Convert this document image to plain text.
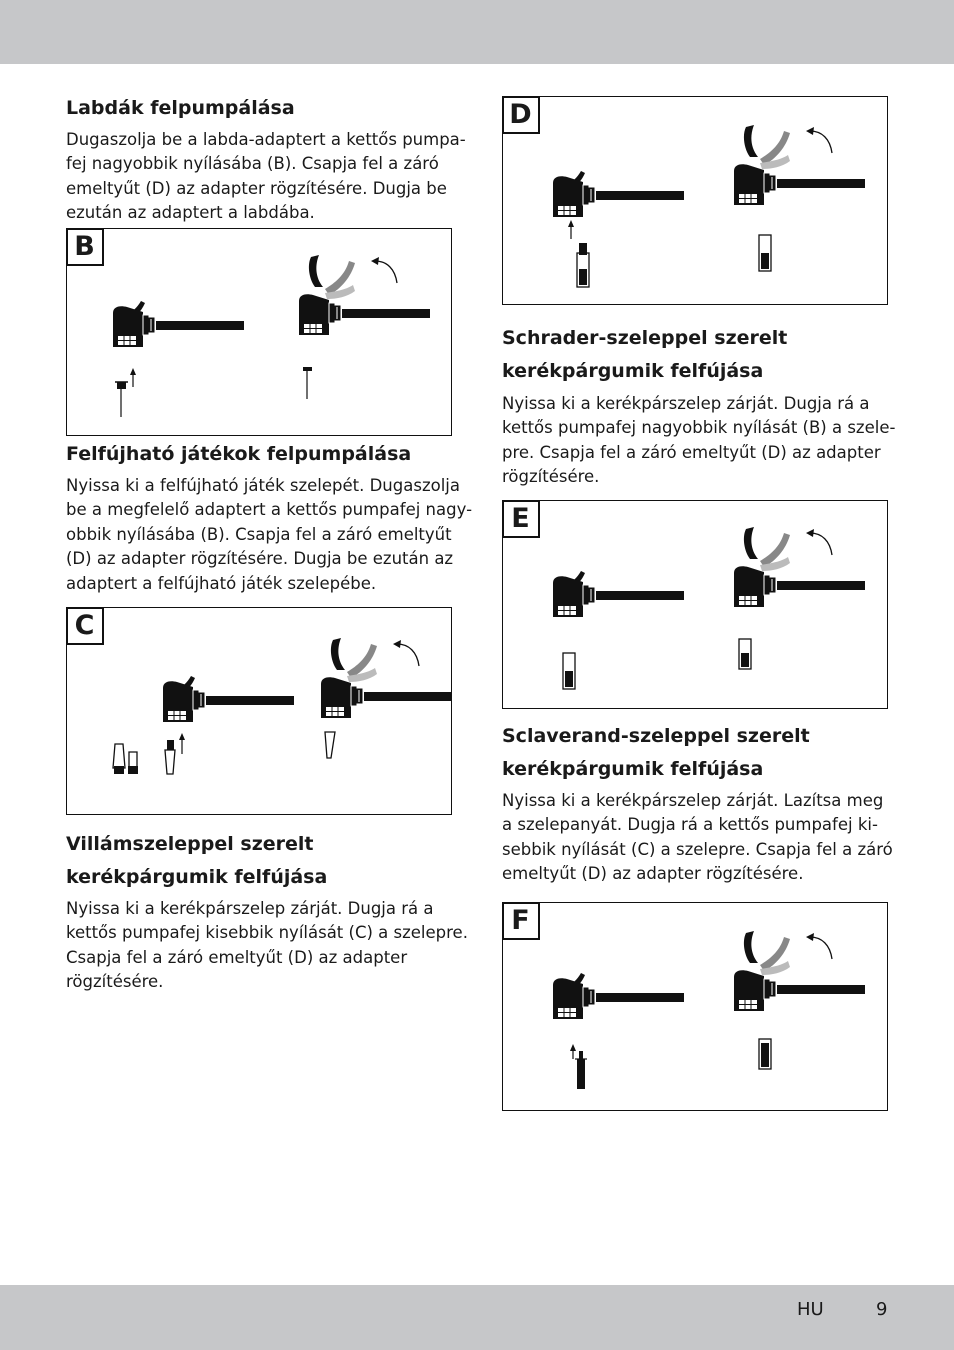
Labdák felpumpálása
Dugaszolja be a labda-adaptert a kettős pumpa-
fej nagyobbik nyílásába (B). Csapja fel a záró
emeltyűt (D) az adapter rögzítésére. Dugja be
ezután az adaptert a labdába.
B
Felfújható játékok felpumpálása
Nyissa ki a felfújható játék szelepét. Dugaszolja
be a megfelelő adaptert a kettős pumpafej nagy-
obbik nyílásába (B). Csapja fel a záró emeltyűt
(D) az adapter rögzítésére. Dugja be ezután az
adaptert a felfújható játék szelepébe.
C
Villámszeleppel szerelt
kerékpárgumik felfújása
Nyissa ki a kerékpárszelep zárját. Dugja rá a
kettős pumpafej kisebbik nyílását (C) a szelepre.
Csapja fel a záró emeltyűt (D) az adapter
rögzítésére.
D
Schrader-szeleppel szerelt
kerékpárgumik felfújása
Nyissa ki a kerékpárszelep zárját. Dugja rá a
kettős pumpafej nagyobbik nyílását (B) a szele-
pre. Csapja fel a záró emeltyűt (D) az adapter
rögzítésére.
E
Sclaverand-szeleppel szerelt
kerékpárgumik felfújása
Nyissa ki a kerékpárszelep zárját. Lazítsa meg
a szelepanyát. Dugja rá a kettős pumpafej ki-
sebbik nyílását (C) a szelepre. Csapja fel a záró
emeltyűt (D) az adapter rögzítésére.
F
HU	9
